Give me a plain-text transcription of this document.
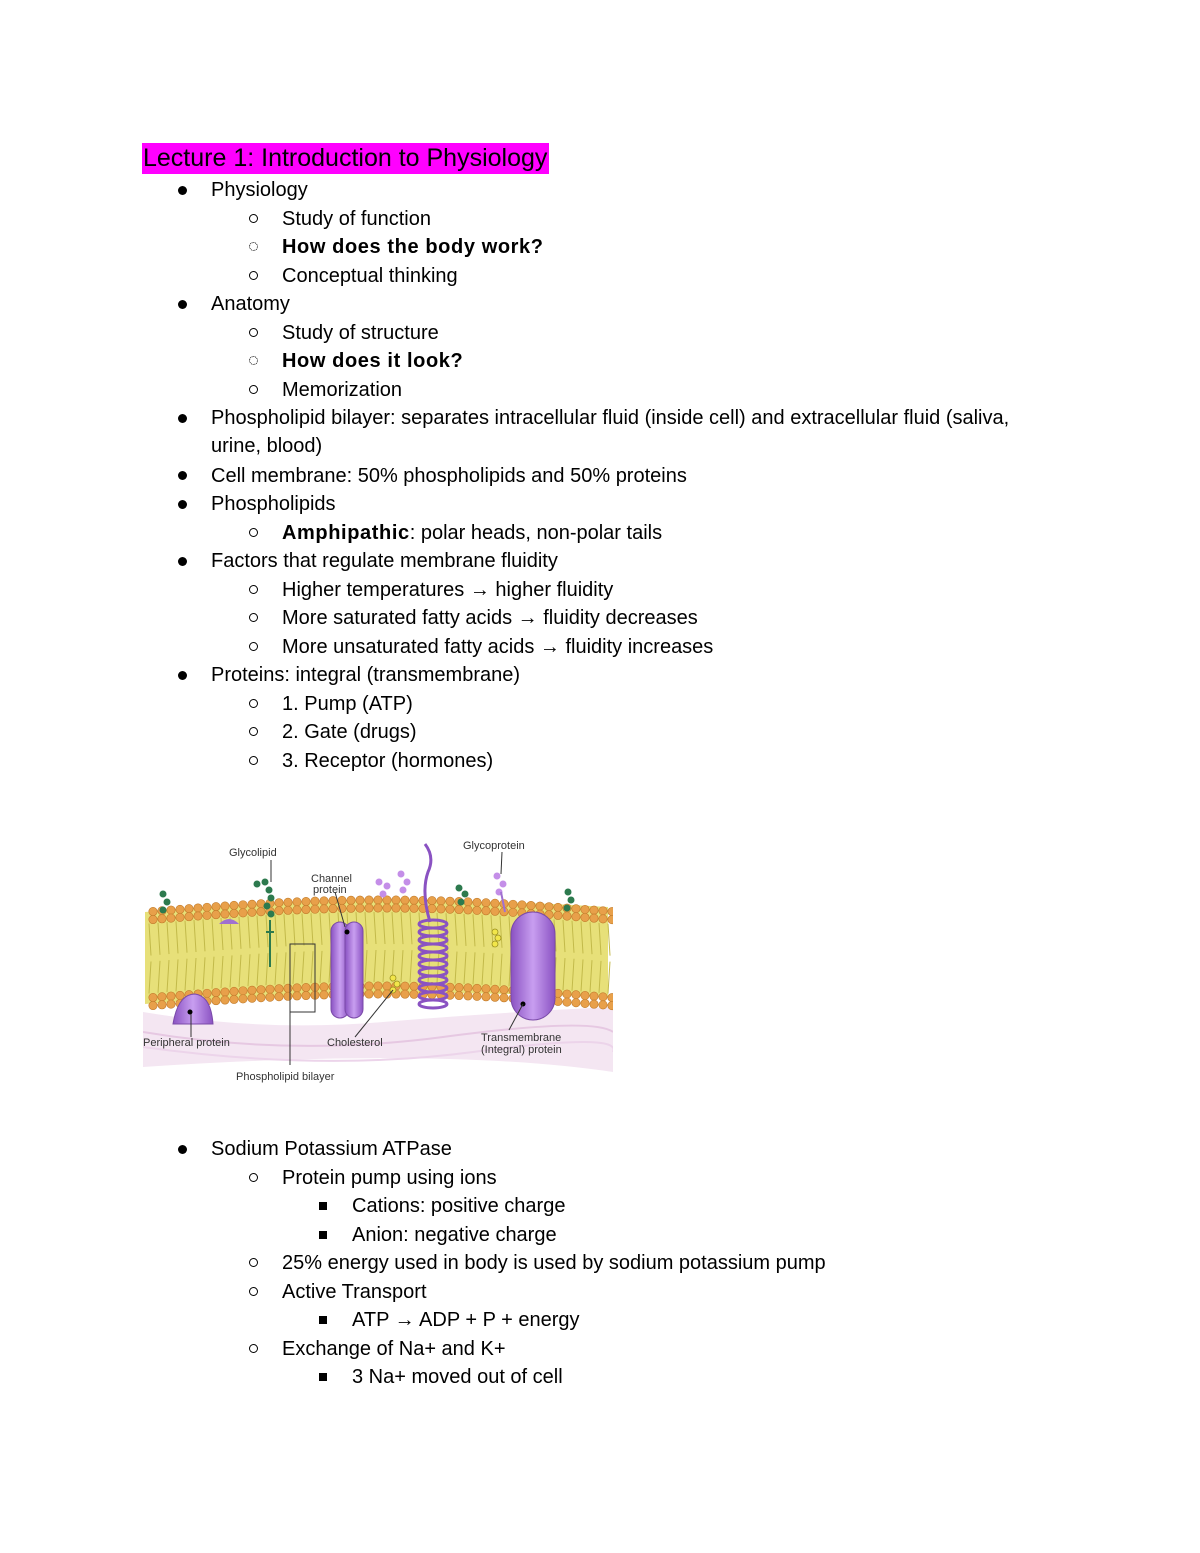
Lecture 1: Introduction to Physiology
Physiology
Study of function
How does the body work?
Conceptual thinking
Anatomy
Study of structure
How does it look?
Memorization
Phospholipid bilayer: separates intracellular fluid (inside cell) and extracellular fluid (saliva, urine, blood)
Cell membrane: 50% phospholipids and 50% proteins
Phospholipids
Amphipathic: polar heads, non-polar tails
Factors that regulate membrane fluidity
Higher temperatures → higher fluidity
More saturated fatty acids → fluidity decreases
More unsaturated fatty acids → fluidity increases
Proteins: integral (transmembrane)
1. Pump (ATP)
2. Gate (drugs)
3. Receptor (hormones)
Glycolipid
Glycoprotein
Channel
protein
Peripheral protein	Cholesterol	Transmembrane
(Integral) protein
Phospholipid bilayer
Sodium Potassium ATPase
Protein pump using ions
Cations: positive charge
Anion: negative charge
25% energy used in body is used by sodium potassium pump
Active Transport
ATP → ADP + P + energy
Exchange of Na+ and K+
3 Na+ moved out of cell
